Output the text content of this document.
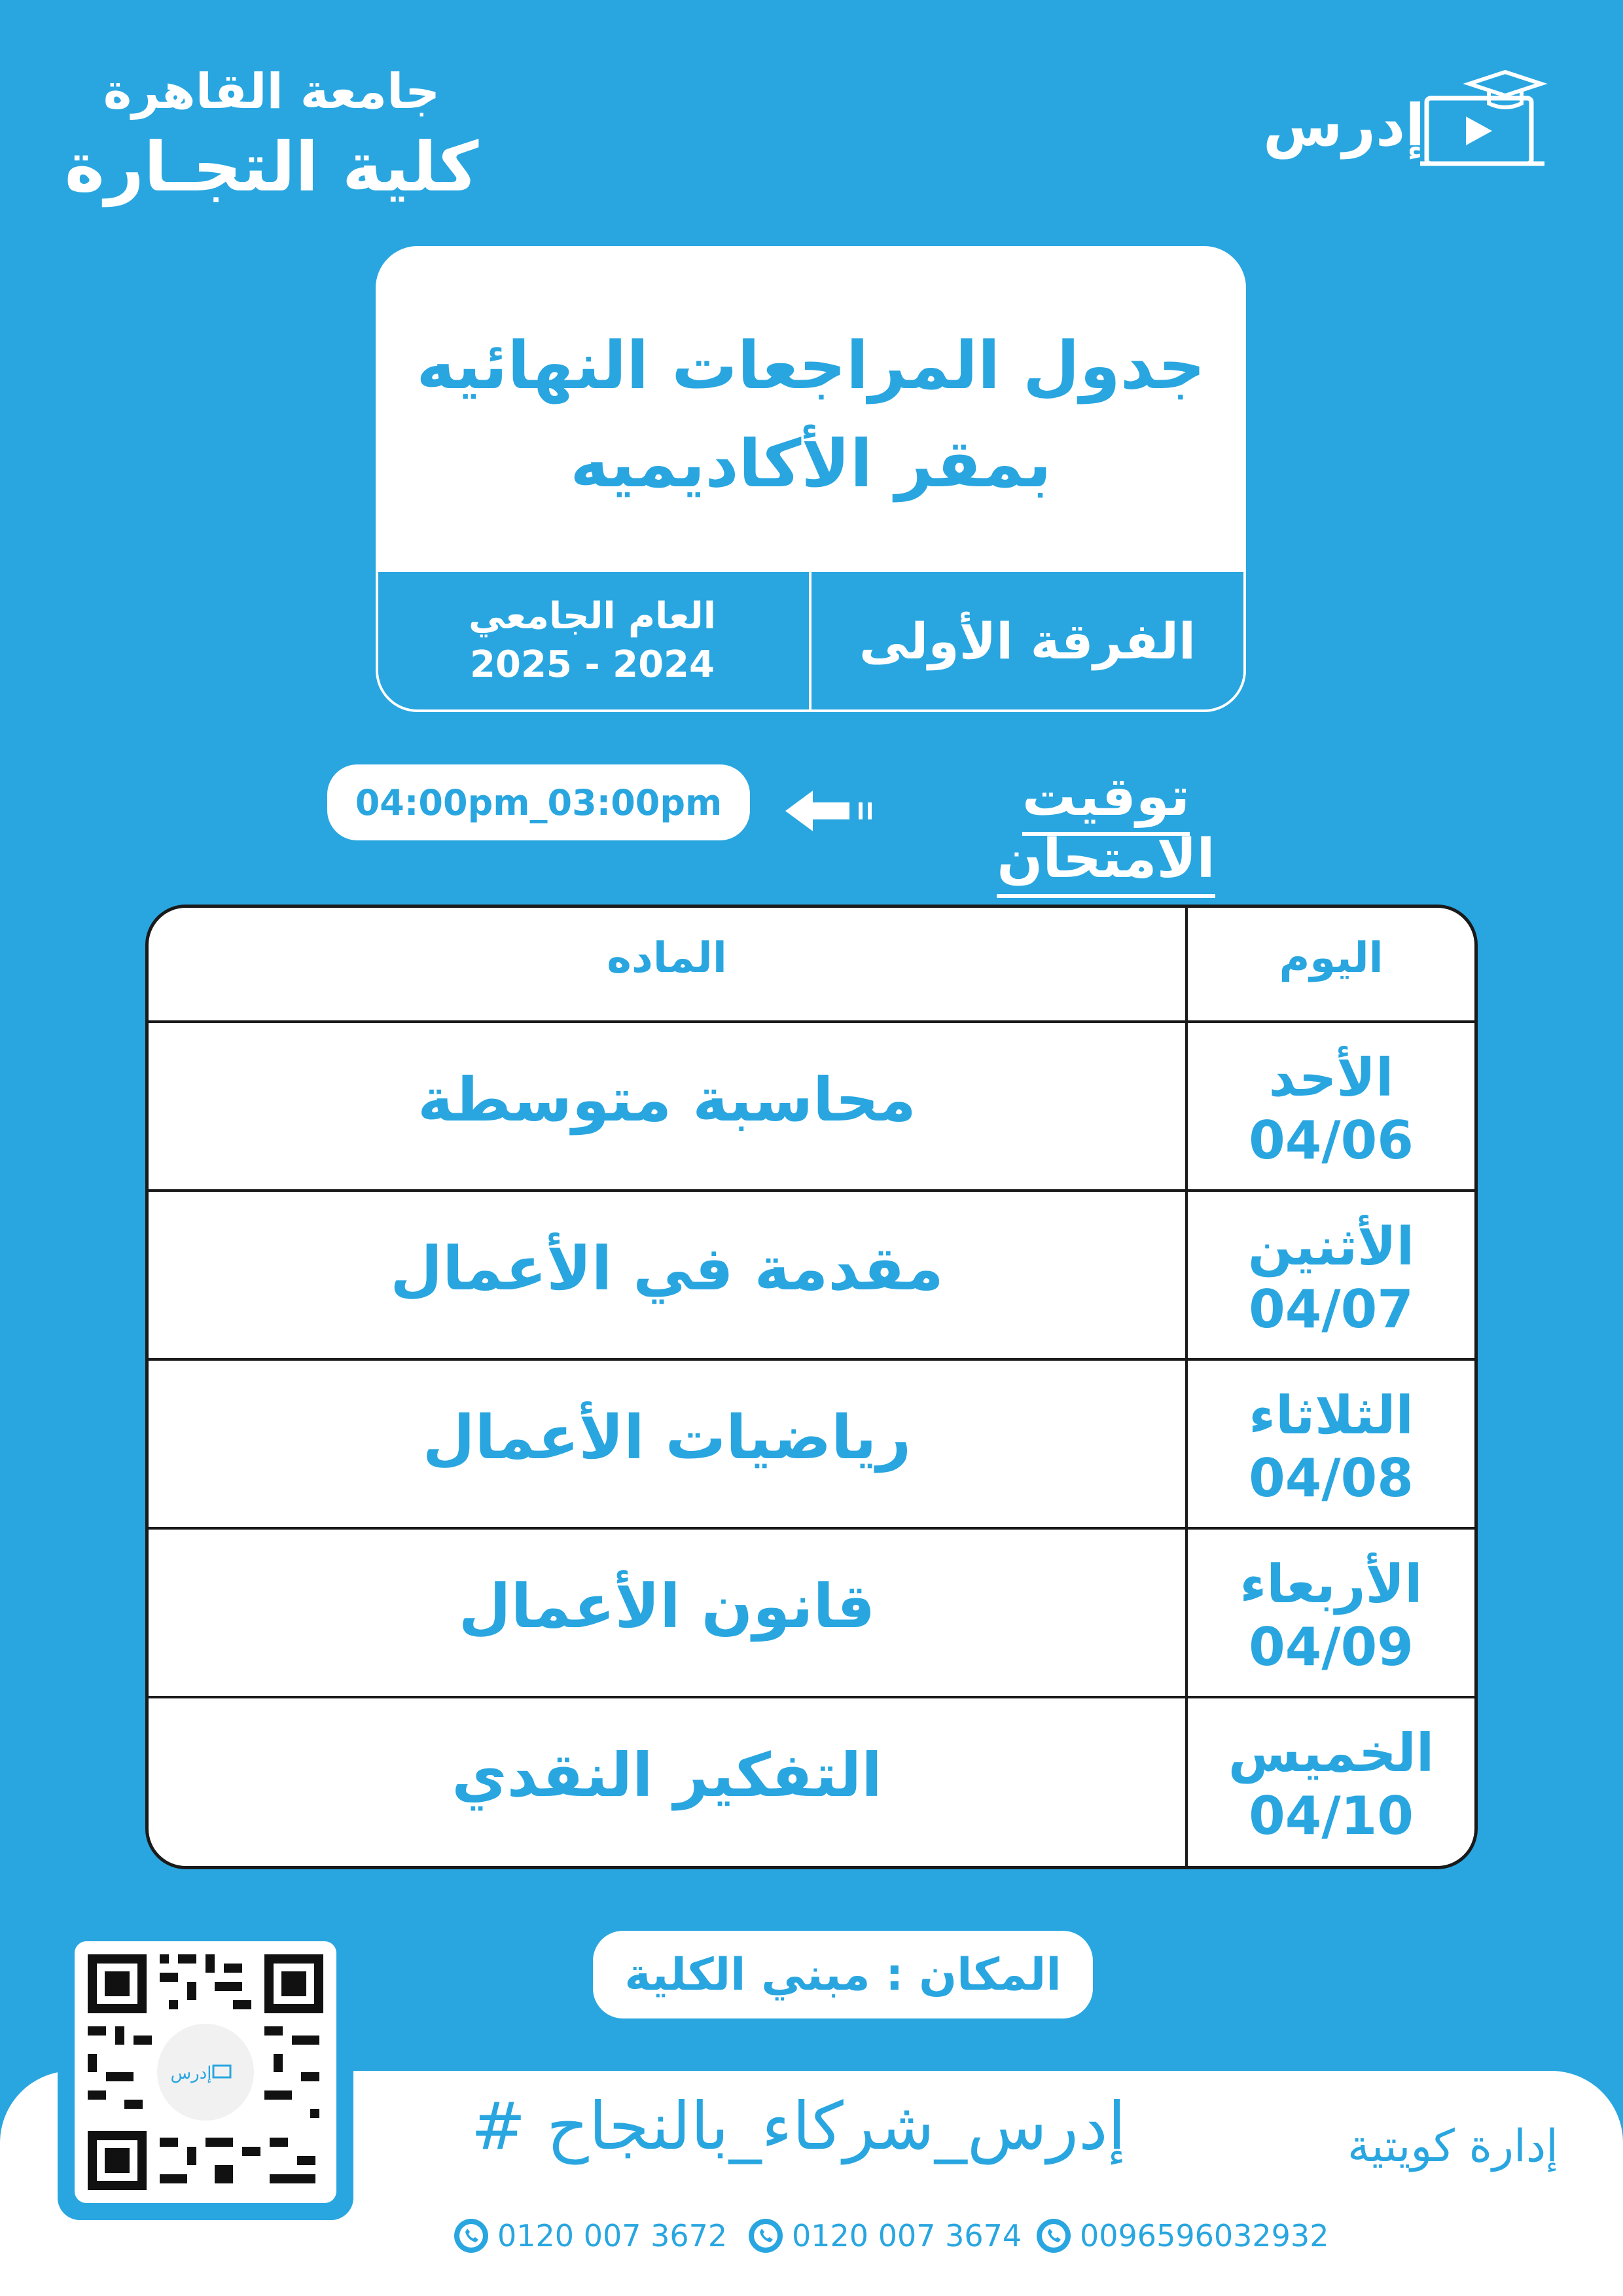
جامعة القاهرة
كلية التجـارة
إدرس
جدول المراجعات النهائيه
بمقر الأكاديميه
الفرقة الأولى
العام الجامعي
2025 - 2024
04:00pm_03:00pm	توقيت الامتحان
اليوم
الماده
الأحد
04/06
محاسبة متوسطة
الأثنين
04/07
مقدمة في الأعمال
الثلاثاء
04/08
رياضيات الأعمال
الأربعاء
04/09
قانون الأعمال
الخميس
04/10
التفكير النقدي
المكان : مبني الكلية
إدرس
# إدرس_شركاء_بالنجاح	إدارة كويتية
0120 007 3672 0120 007 3674 0096596032932
